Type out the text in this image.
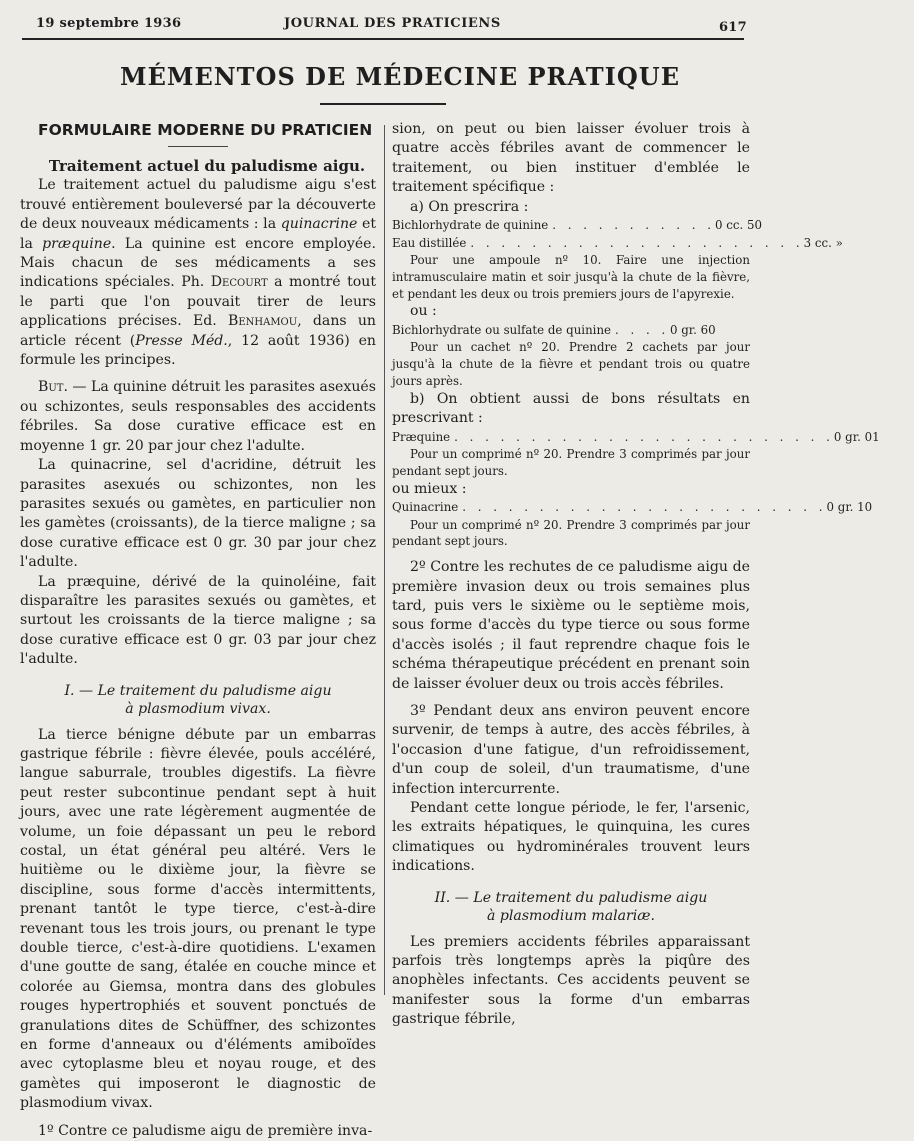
19 septembre 1936	JOURNAL DES PRATICIENS	617
MÉMENTOS DE MÉDECINE PRATIQUE

FORMULAIRE MODERNE DU PRATICIEN

Traitement actuel du paludisme aigu.

Le traitement actuel du paludisme aigu s'est trouvé entièrement bouleversé par la découverte de deux nouveaux médicaments : la quinacrine et la præquine. La quinine est encore employée. Mais chacun de ses médicaments a ses indications spéciales. Ph. Decourt a montré tout le parti que l'on pouvait tirer de leurs applications précises. Ed. Benhamou, dans un article récent (Presse Méd., 12 août 1936) en formule les principes.

But. — La quinine détruit les parasites asexués ou schizontes, seuls responsables des accidents fébriles. Sa dose curative efficace est en moyenne 1 gr. 20 par jour chez l'adulte.

La quinacrine, sel d'acridine, détruit les parasites asexués ou schizontes, non les parasites sexués ou gamètes, en particulier non les gamètes (croissants), de la tierce maligne ; sa dose curative efficace est 0 gr. 30 par jour chez l'adulte.

La præquine, dérivé de la quinoléine, fait disparaître les parasites sexués ou gamètes, et surtout les croissants de la tierce maligne ; sa dose curative efficace est 0 gr. 03 par jour chez l'adulte.

I. — Le traitement du paludisme aigu
à plasmodium vivax.

La tierce bénigne débute par un embarras gastrique fébrile : fièvre élevée, pouls accéléré, langue saburrale, troubles digestifs. La fièvre peut rester subcontinue pendant sept à huit jours, avec une rate légèrement augmentée de volume, un foie dépassant un peu le rebord costal, un état général peu altéré. Vers le huitième ou le dixième jour, la fièvre se discipline, sous forme d'accès intermittents, prenant tantôt le type tierce, c'est-à-dire revenant tous les trois jours, ou prenant le type double tierce, c'est-à-dire quotidiens. L'examen d'une goutte de sang, étalée en couche mince et colorée au Giemsa, montra dans des globules rouges hypertrophiés et souvent ponctués de granulations dites de Schüffner, des schizontes en forme d'anneaux ou d'éléments amiboïdes avec cytoplasme bleu et noyau rouge, et des gamètes qui imposeront le diagnostic de plasmodium vivax.

1º Contre ce paludisme aigu de première inva-

sion, on peut ou bien laisser évoluer trois à quatre accès fébriles avant de commencer le traitement, ou bien instituer d'emblée le traitement spécifique :

a) On prescrira :

Bichlorhydrate de quinine . . . . . . . . . . . 0 cc. 50
Eau distillée . . . . . . . . . . . . . . . . . . . . . . 3 cc. »

Pour une ampoule nº 10. Faire une injection intramusculaire matin et soir jusqu'à la chute de la fièvre, et pendant les deux ou trois premiers jours de l'apyrexie.

ou :

Bichlorhydrate ou sulfate de quinine . . . . 0 gr. 60

Pour un cachet nº 20. Prendre 2 cachets par jour jusqu'à la chute de la fièvre et pendant trois ou quatre jours après.

b) On obtient aussi de bons résultats en prescrivant :

Præquine . . . . . . . . . . . . . . . . . . . . . . . . . 0 gr. 01

Pour un comprimé nº 20. Prendre 3 comprimés par jour pendant sept jours.

ou mieux :

Quinacrine . . . . . . . . . . . . . . . . . . . . . . . . 0 gr. 10

Pour un comprimé nº 20. Prendre 3 comprimés par jour pendant sept jours.

2º Contre les rechutes de ce paludisme aigu de première invasion deux ou trois semaines plus tard, puis vers le sixième ou le septième mois, sous forme d'accès du type tierce ou sous forme d'accès isolés ; il faut reprendre chaque fois le schéma thérapeutique précédent en prenant soin de laisser évoluer deux ou trois accès fébriles.

3º Pendant deux ans environ peuvent encore survenir, de temps à autre, des accès fébriles, à l'occasion d'une fatigue, d'un refroidissement, d'un coup de soleil, d'un traumatisme, d'une infection intercurrente.

Pendant cette longue période, le fer, l'arsenic, les extraits hépatiques, le quinquina, les cures climatiques ou hydrominérales trouvent leurs indications.

II. — Le traitement du paludisme aigu
à plasmodium malariæ.

Les premiers accidents fébriles apparaissant parfois très longtemps après la piqûre des anophèles infectants. Ces accidents peuvent se manifester sous la forme d'un embarras gastrique fébrile,
